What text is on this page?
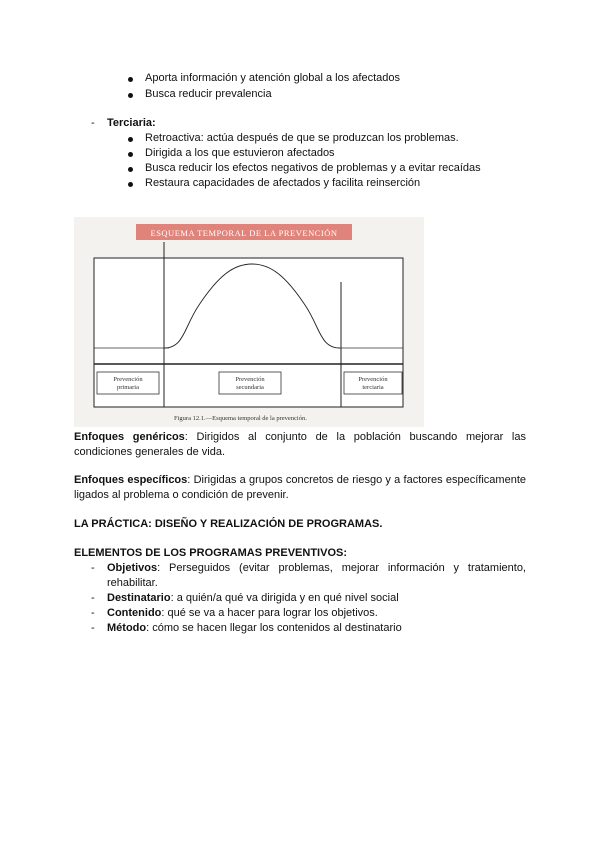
Aporta información y atención global a los afectados
Busca reducir prevalencia
- Terciaria:
Retroactiva: actúa después de que se produzcan los problemas.
Dirigida a los que estuvieron afectados
Busca reducir los efectos negativos de problemas y a evitar recaídas
Restaura capacidades de afectados y facilita reinserción
ESQUEMA TEMPORAL DE LA PREVENCIÓN
Prevención
primaria
Prevención
secundaria
Prevención
terciaria
Figura 12.1.—Esquema temporal de la prevención.
Enfoques genéricos: Dirigidos al conjunto de la población buscando mejorar las condiciones generales de vida.
Enfoques específicos: Dirigidas a grupos concretos de riesgo y a factores específicamente ligados al problema o condición de prevenir.
LA PRÁCTICA: DISEÑO Y REALIZACIÓN DE PROGRAMAS.
ELEMENTOS DE LOS PROGRAMAS PREVENTIVOS:
- Objetivos: Perseguidos (evitar problemas, mejorar información y tratamiento, rehabilitar.
- Destinatario: a quién/a qué va dirigida y en qué nivel social
- Contenido: qué se va a hacer para lograr los objetivos.
- Método: cómo se hacen llegar los contenidos al destinatario
